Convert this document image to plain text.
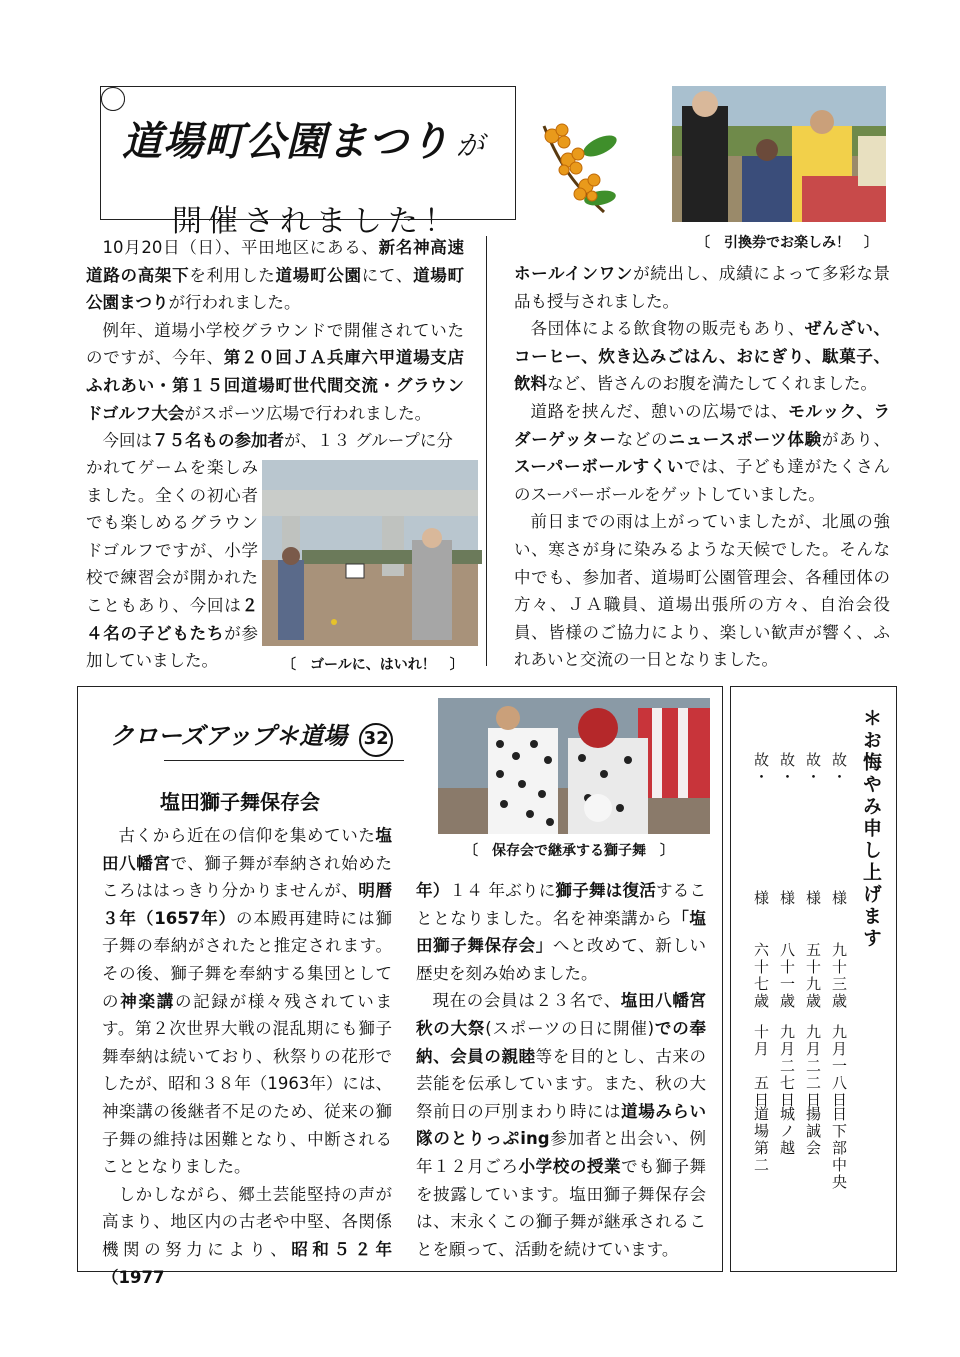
道場町公園まつり が
開催されました！
〔　引換券でお楽しみ！　〕

10月20日（日）、平田地区にある、新名神高速道路の高架下を利用した道場町公園にて、道場町公園まつりが行われました。

例年、道場小学校グラウンドで開催されていたのですが、今年、第２０回ＪＡ兵庫六甲道場支店ふれあい・第１５回道場町世代間交流・グラウンドゴルフ大会がスポーツ広場で行われました。

今回は７５名もの参加者が、１３ グループに分

かれてゲームを楽しみました。全くの初心者でも楽しめるグラウンドゴルフですが、小学校で練習会が開かれたこともあり、今回は２４名の子どもたちが参加していました。	〔　ゴールに、はいれ！　〕

ホールインワンが続出し、成績によって多彩な景品も授与されました。

各団体による飲食物の販売もあり、ぜんざい、コーヒー、炊き込みごはん、おにぎり、駄菓子、飲料など、皆さんのお腹を満たしてくれました。

道路を挟んだ、憩いの広場では、モルック、ラダーゲッターなどのニュースポーツ体験があり、スーパーボールすくいでは、子ども達がたくさんのスーパーボールをゲットしていました。

前日までの雨は上がっていましたが、北風の強い、寒さが身に染みるような天候でした。そんな中でも、参加者、道場町公園管理会、各種団体の方々、ＪＡ職員、道場出張所の方々、自治会役員、皆様のご協力により、楽しい歓声が響く、ふれあいと交流の一日となりました。

クローズアップ＊道場 32
塩田獅子舞保存会
〔　保存会で継承する獅子舞　〕

古くから近在の信仰を集めていた塩田八幡宮で、獅子舞が奉納され始めたころははっきり分かりませんが、明暦３年（1657年）の本殿再建時には獅子舞の奉納がされたと推定されます。その後、獅子舞を奉納する集団としての神楽講の記録が様々残されています。第２次世界大戦の混乱期にも獅子舞奉納は続いており、秋祭りの花形でしたが、昭和３８年（1963年）には、神楽講の後継者不足のため、従来の獅子舞の維持は困難となり、中断されることとなりました。

しかしながら、郷土芸能堅持の声が高まり、地区内の古老や中堅、各関係機関の努力により、昭和５２年（1977

年）１４ 年ぶりに獅子舞は復活することとなりました。名を神楽講から「塩田獅子舞保存会」へと改めて、新しい歴史を刻み始めました。

現在の会員は２３名で、塩田八幡宮秋の大祭(スポーツの日に開催)での奉納、会員の親睦等を目的とし、古来の芸能を伝承しています。また、秋の大祭前日の戸別まわり時には道場みらい隊のとりっぷing参加者と出会い、例年１２月ごろ小学校の授業でも獅子舞を披露しています。塩田獅子舞保存会は、末永くこの獅子舞が継承されることを願って、活動を続けています。

＊お悔やみ申し上げます
故・
様
九十三歳
九月一八日
日下部中央
故・
様
五十九歳
九月二二日
揚誠会
故・
様
八十一歳
九月二七日
城ノ越
故・
様
六十七歳
十月　五日
道場第二
